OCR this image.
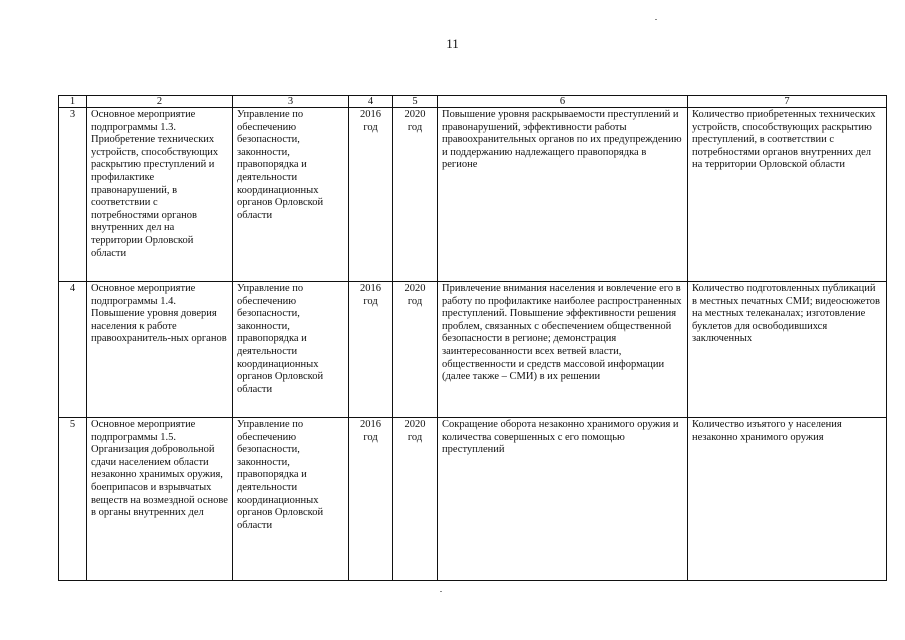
11
1	2	3	4	5	6	7
3	Основное мероприятие подпрограммы 1.3. Приобретение технических устройств, способствующих раскрытию преступлений и профилактике правонарушений, в соответствии с потребностями органов внутренних дел на территории Орловской области	Управление по обеспечению безопасности, законности, правопорядка и деятельности координационных органов Орловской области	2016 год	2020 год	Повышение уровня раскрываемости преступлений и правонарушений, эффективности работы правоохранительных органов по их предупреждению и поддержанию надлежащего правопорядка в регионе	Количество приобретенных технических устройств, способствующих раскрытию преступлений, в соответствии с потребностями органов внутренних дел на территории Орловской области
4	Основное мероприятие подпрограммы 1.4. Повышение уровня доверия населения к работе правоохранитель-ных органов	Управление по обеспечению безопасности, законности, правопорядка и деятельности координационных органов Орловской области	2016 год	2020 год	Привлечение внимания населения и вовлечение его в работу по профилактике наиболее распространенных преступлений. Повышение эффективности решения проблем, связанных с обеспечением общественной безопасности в регионе; демонстрация заинтересованности всех ветвей власти, общественности и средств массовой информации (далее также – СМИ) в их решении	Количество подготовленных публикаций в местных печатных СМИ; видеосюжетов на местных телеканалах; изготовление буклетов для освободившихся заключенных
5	Основное мероприятие подпрограммы 1.5. Организация добровольной сдачи населением области незаконно хранимых оружия, боеприпасов и взрывчатых веществ на возмездной основе в органы внутренних дел	Управление по обеспечению безопасности, законности, правопорядка и деятельности координационных органов Орловской области	2016 год	2020 год	Сокращение оборота незаконно хранимого оружия и количества совершенных с его помощью преступлений	Количество изъятого у населения незаконно хранимого оружия
